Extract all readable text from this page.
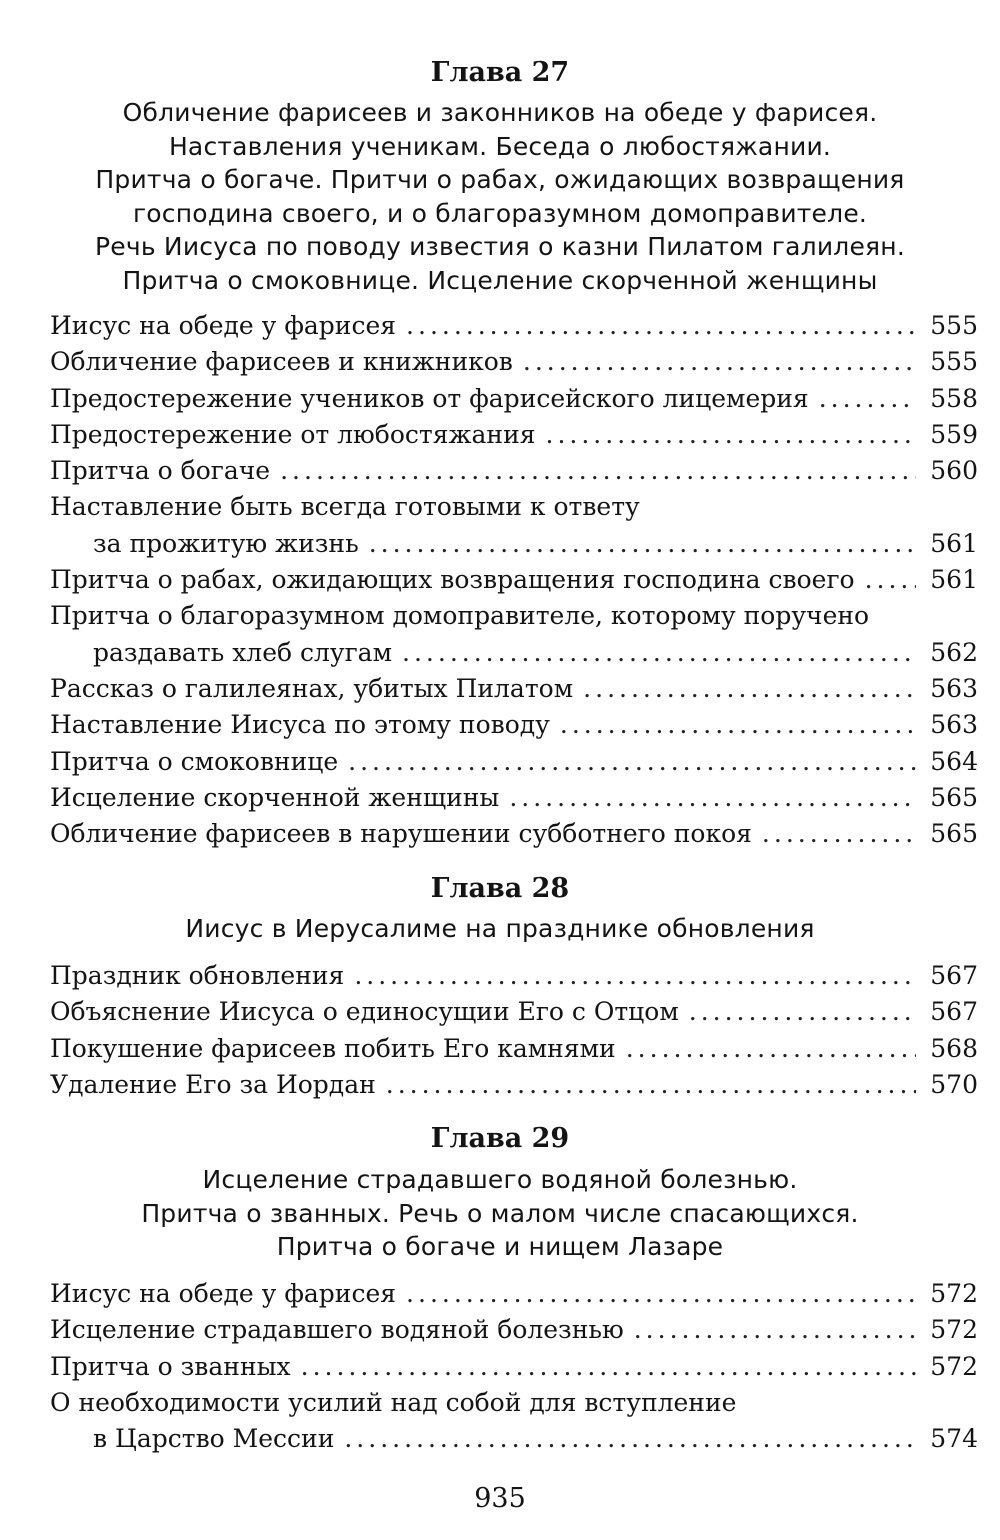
Глава 27
Обличение фарисеев и законников на обеде у фарисея.
Наставления ученикам. Беседа о любостяжании.
Притча о богаче. Притчи о рабах, ожидающих возвращения
господина своего, и о благоразумном домоправителе.
Речь Иисуса по поводу известия о казни Пилатом галилеян.
Притча о смоковнице. Исцеление скорченной женщины
Иисус на обеде у фарисея .....	555
Обличение фарисеев и книжников .....	555
Предостережение учеников от фарисейского лицемерия .....	558
Предостережение от любостяжания .....	559
Притча о богаче .....	560
Наставление быть всегда готовыми к ответу
за прожитую жизнь .....	561
Притча о рабах, ожидающих возвращения господина своего .....	561
Притча о благоразумном домоправителе, которому поручено
раздавать хлеб слугам .....	562
Рассказ о галилеянах, убитых Пилатом .....	563
Наставление Иисуса по этому поводу .....	563
Притча о смоковнице .....	564
Исцеление скорченной женщины .....	565
Обличение фарисеев в нарушении субботнего покоя .....	565
Глава 28
Иисус в Иерусалиме на празднике обновления
Праздник обновления .....	567
Объяснение Иисуса о единосущии Его с Отцом .....	567
Покушение фарисеев побить Его камнями .....	568
Удаление Его за Иордан .....	570
Глава 29
Исцеление страдавшего водяной болезнью.
Притча о званных. Речь о малом числе спасающихся.
Притча о богаче и нищем Лазаре
Иисус на обеде у фарисея .....	572
Исцеление страдавшего водяной болезнью .....	572
Притча о званных .....	572
О необходимости усилий над собой для вступление
в Царство Мессии .....	574
935
